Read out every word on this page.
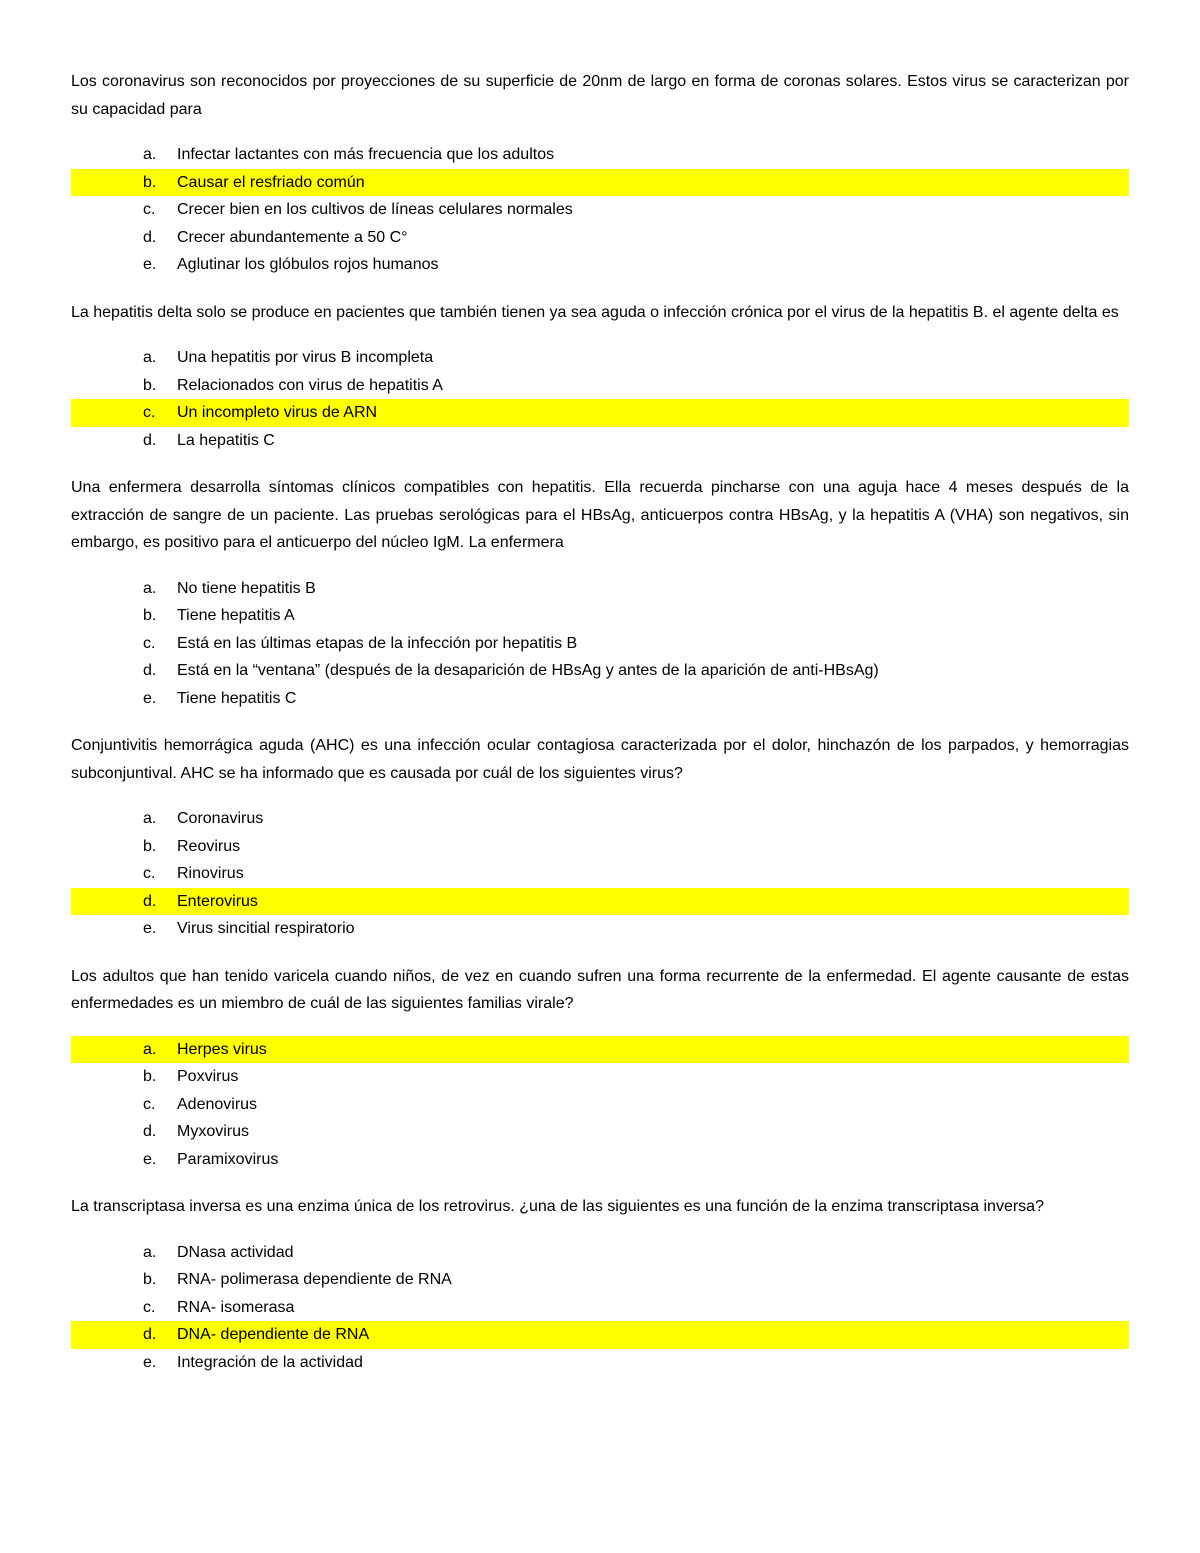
Los coronavirus son reconocidos por proyecciones de su superficie de 20nm de largo en forma de coronas solares. Estos virus se caracterizan por su capacidad para

a. Infectar lactantes con más frecuencia que los adultos
b. Causar el resfriado común
c. Crecer bien en los cultivos de líneas celulares normales
d. Crecer abundantemente a 50 C°
e. Aglutinar los glóbulos rojos humanos

La hepatitis delta solo se produce en pacientes que también tienen ya sea aguda o infección crónica por el virus de la hepatitis B. el agente delta es

a. Una hepatitis por virus B incompleta
b. Relacionados con virus de hepatitis A
c. Un incompleto virus de ARN
d. La hepatitis C

Una enfermera desarrolla síntomas clínicos compatibles con hepatitis. Ella recuerda pincharse con una aguja hace 4 meses después de la extracción de sangre de un paciente. Las pruebas serológicas para el HBsAg, anticuerpos contra HBsAg, y la hepatitis A (VHA) son negativos, sin embargo, es positivo para el anticuerpo del núcleo IgM. La enfermera

a. No tiene hepatitis B
b. Tiene hepatitis A
c. Está en las últimas etapas de la infección por hepatitis B
d. Está en la “ventana” (después de la desaparición de HBsAg y antes de la aparición de anti-HBsAg)
e. Tiene hepatitis C

Conjuntivitis hemorrágica aguda (AHC) es una infección ocular contagiosa caracterizada por el dolor, hinchazón de los parpados, y hemorragias subconjuntival. AHC se ha informado que es causada por cuál de los siguientes virus?

a. Coronavirus
b. Reovirus
c. Rinovirus
d. Enterovirus
e. Virus sincitial respiratorio

Los adultos que han tenido varicela cuando niños, de vez en cuando sufren una forma recurrente de la enfermedad. El agente causante de estas enfermedades es un miembro de cuál de las siguientes familias virale?

a. Herpes virus
b. Poxvirus
c. Adenovirus
d. Myxovirus
e. Paramixovirus

La transcriptasa inversa es una enzima única de los retrovirus. ¿una de las siguientes es una función de la enzima transcriptasa inversa?

a. DNasa actividad
b. RNA- polimerasa dependiente de RNA
c. RNA- isomerasa
d. DNA- dependiente de RNA
e. Integración de la actividad
